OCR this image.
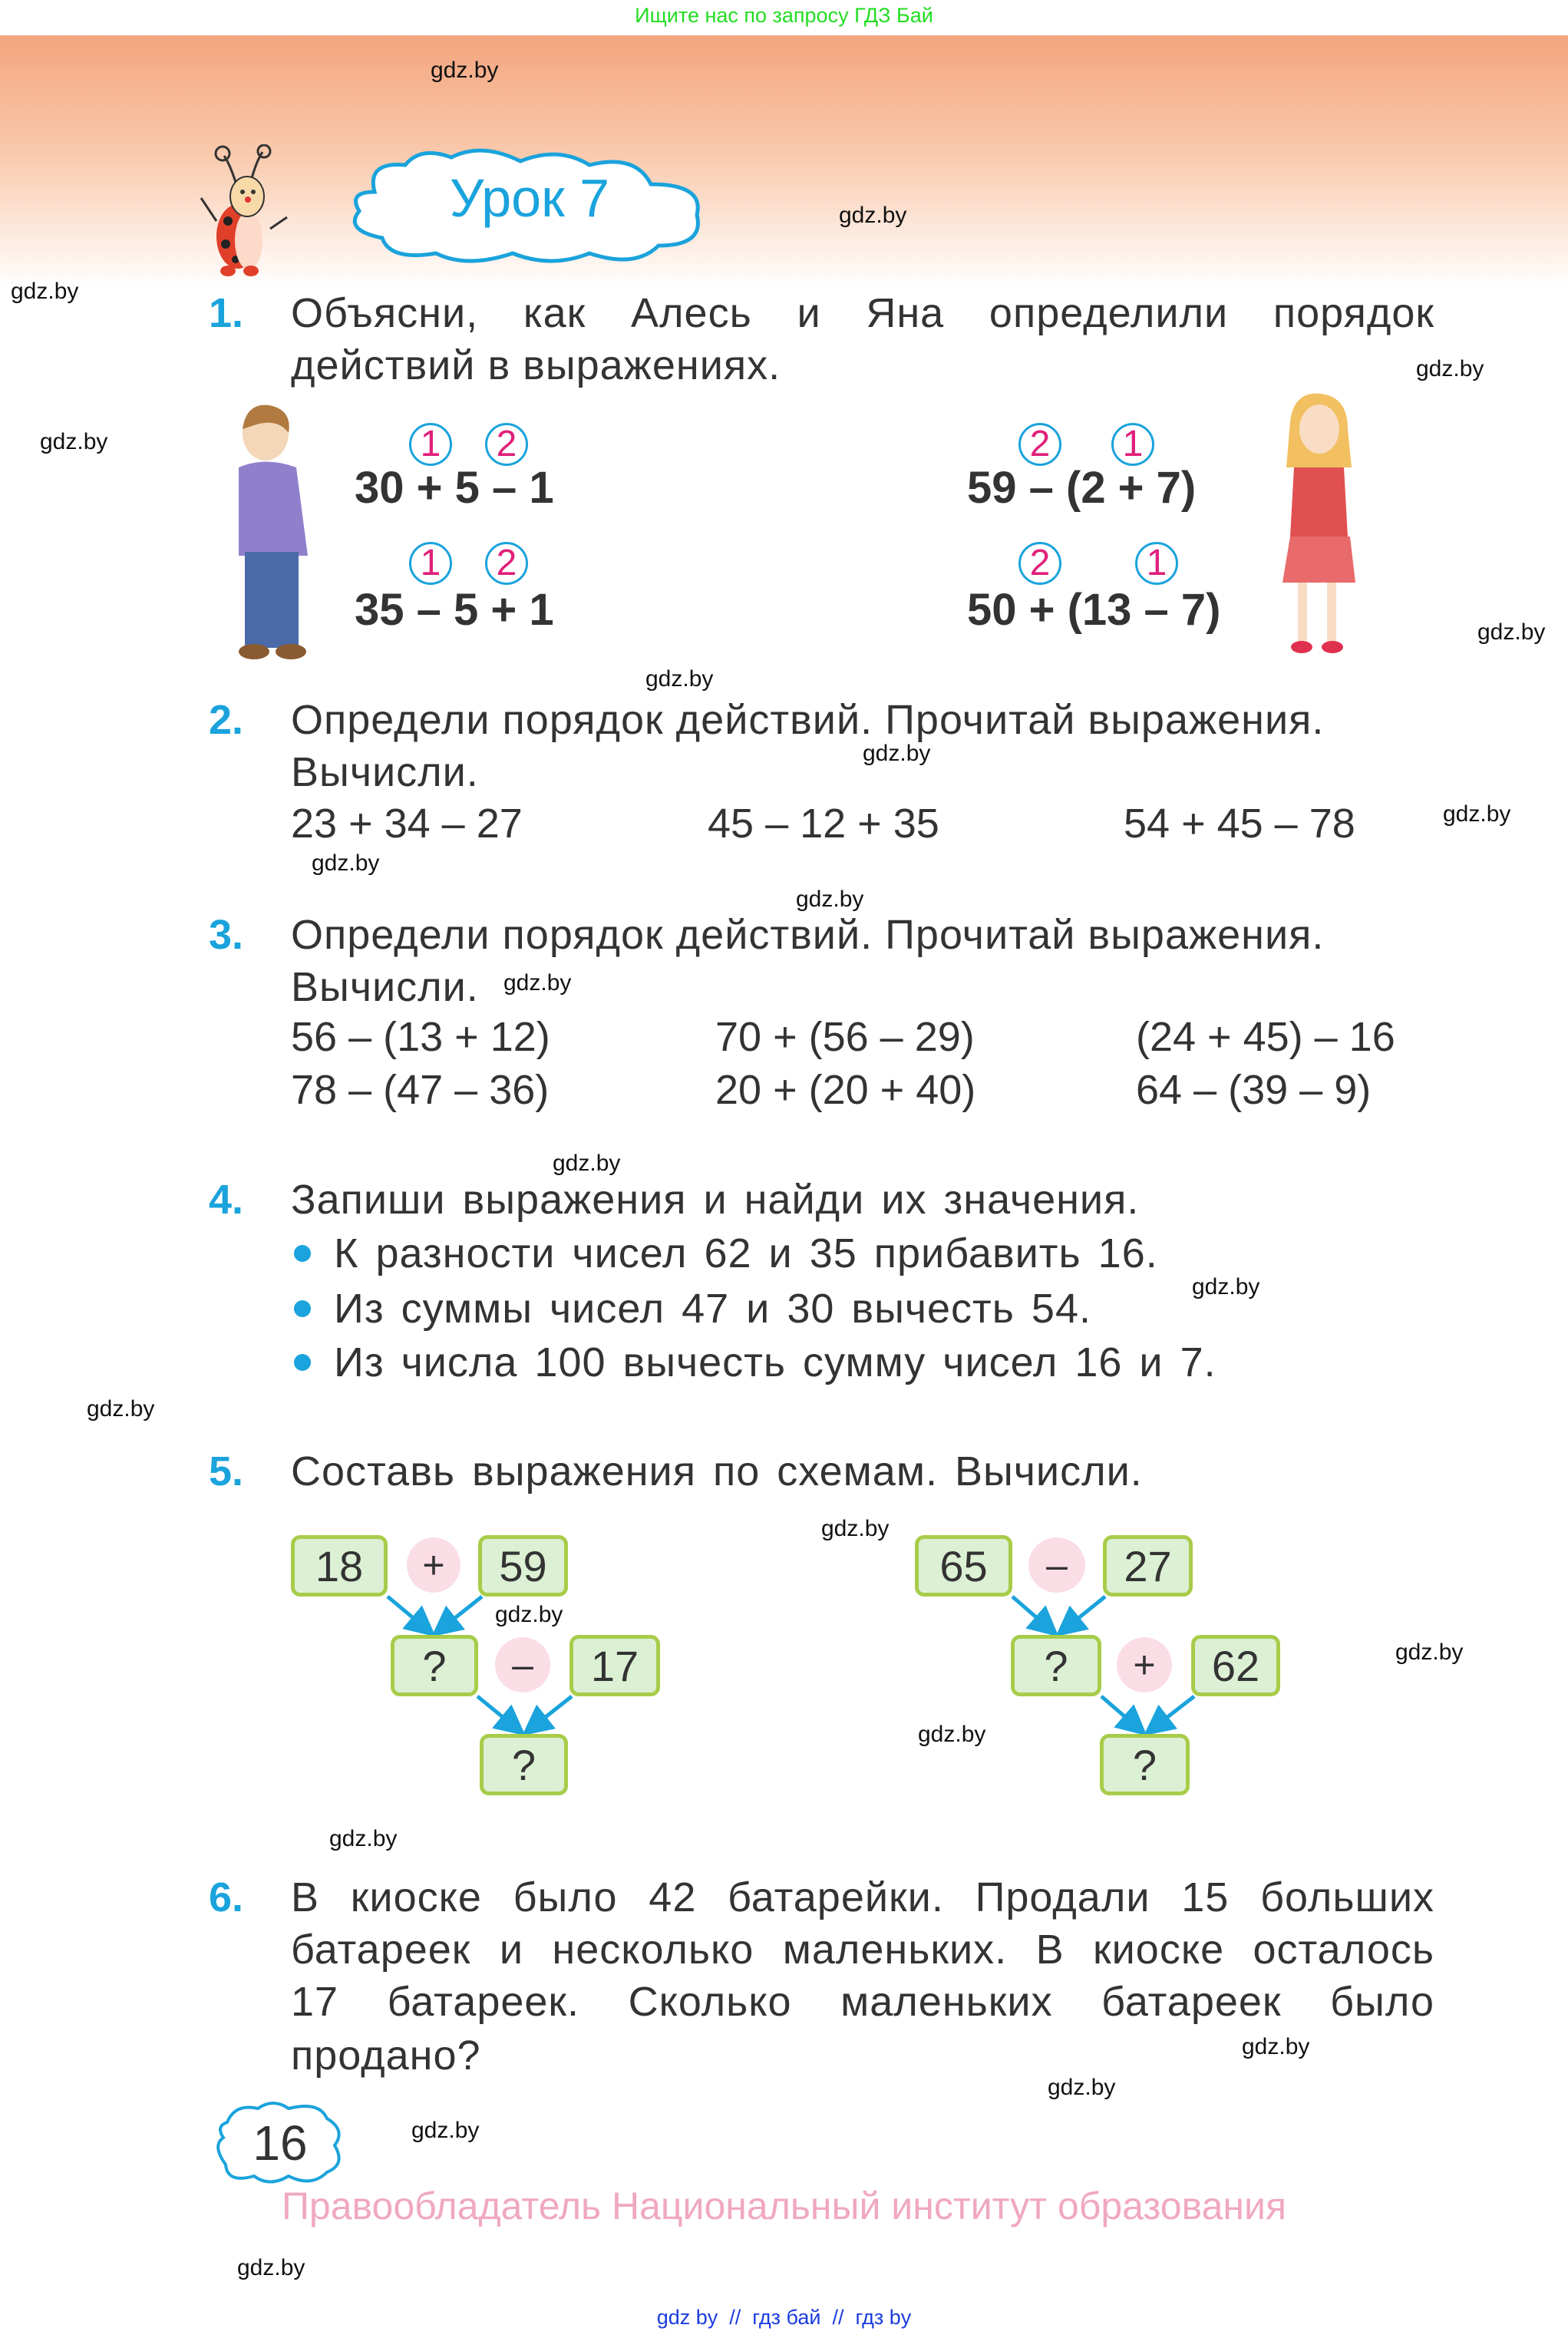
Ищите нас по запросу ГДЗ Бай
Урок 7
gdz.by
gdz.by
gdz.by
gdz.by
gdz.by
gdz.by
gdz.by
gdz.by
gdz.by
gdz.by
gdz.by
gdz.by
gdz.by
gdz.by
gdz.by
gdz.by
gdz.by
gdz.by
gdz.by
gdz.by
gdz.by
gdz.by
gdz.by
gdz.by
1. Объясни, как Алесь и Яна определили порядок
действий в выражениях.
1	2
30 + 5 – 1
1	2
35 – 5 + 1
2	1
59 – (2 + 7)
2	1
50 + (13 – 7)
2. Определи порядок действий. Прочитай выражения.
Вычисли.
23 + 34 – 27	45 – 12 + 35	54 + 45 – 78
3. Определи порядок действий. Прочитай выражения.
Вычисли.
56 – (13 + 12)	70 + (56 – 29)	(24 + 45) – 16
78 – (47 – 36)	20 + (20 + 40)	64 – (39 – 9)
4. Запиши выражения и найди их значения.
К разности чисел 62 и 35 прибавить 16.
Из суммы чисел 47 и 30 вычесть 54.
Из числа 100 вычесть сумму чисел 16 и 7.
5. Составь выражения по схемам. Вычисли.
18	+	59
?	–	17
?
65	–	27
?	+	62
?
6. В киоске было 42 батарейки. Продали 15 больших
батареек и несколько маленьких. В киоске осталось
17 батареек. Сколько маленьких батареек было
продано?
16
Правообладатель Национальный институт образования
gdz by  //  гдз бай  //  гдз by
